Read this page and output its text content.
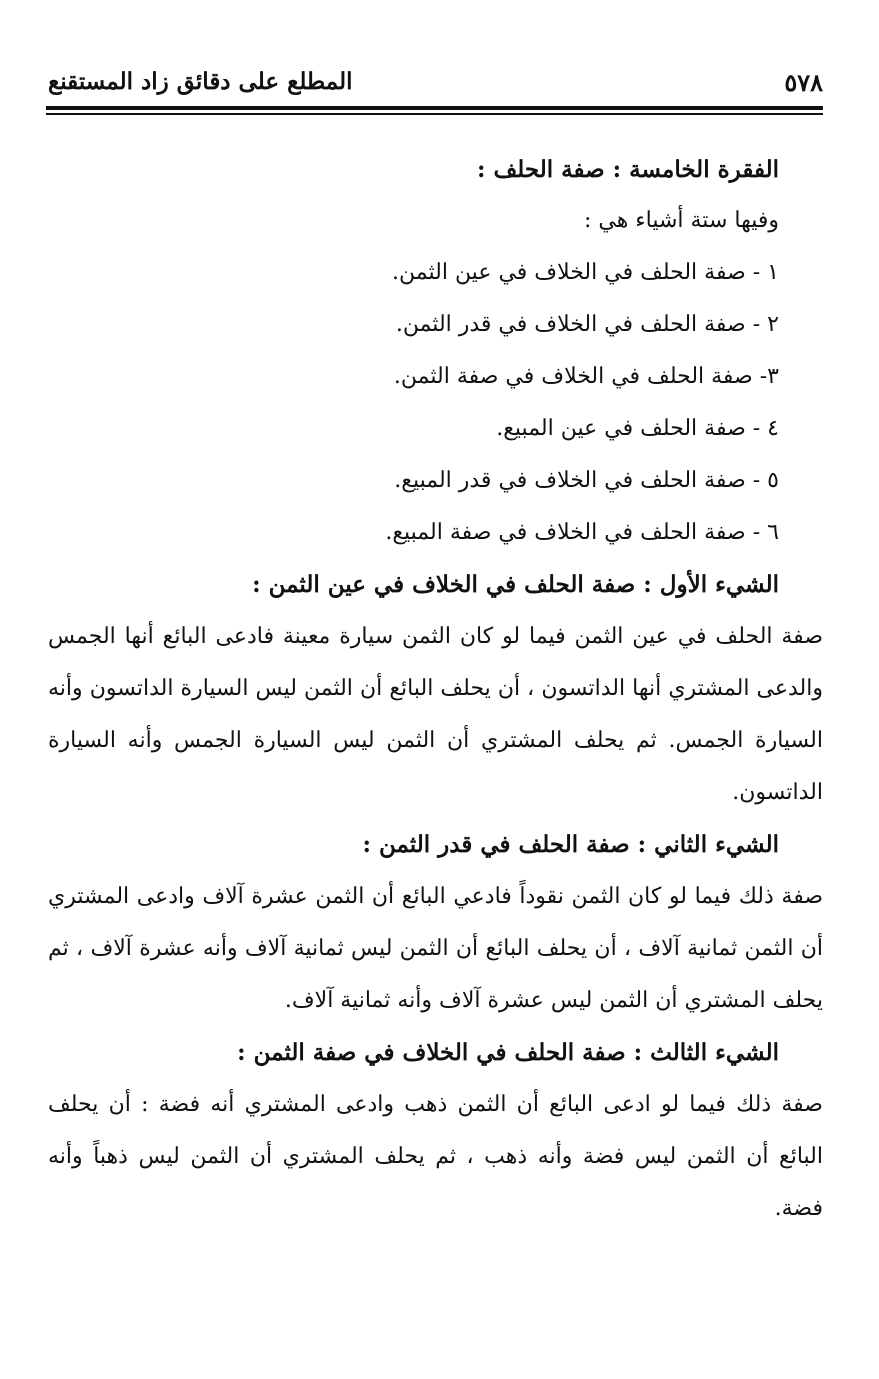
٥٧٨
المطلع على دقائق زاد المستقنع
الفقرة الخامسة : صفة الحلف :
وفيها ستة أشياء هي :
١ - صفة الحلف في الخلاف في عين الثمن.
٢ - صفة الحلف في الخلاف في قدر الثمن.
٣- صفة الحلف في الخلاف في صفة الثمن.
٤ - صفة الحلف في عين المبيع.
٥ - صفة الحلف في الخلاف في قدر المبيع.
٦ - صفة الحلف في الخلاف في صفة المبيع.
الشيء الأول : صفة الحلف في الخلاف في عين الثمن :
صفة الحلف في عين الثمن فيما لو كان الثمن سيارة معينة فادعى البائع أنها الجمس والدعى المشتري أنها الداتسون ، أن يحلف البائع أن الثمن ليس السيارة الداتسون وأنه السيارة الجمس. ثم يحلف المشتري أن الثمن ليس السيارة الجمس وأنه السيارة الداتسون.
الشيء الثاني : صفة الحلف في قدر الثمن :
صفة ذلك فيما لو كان الثمن نقوداً فادعي البائع أن الثمن عشرة آلاف وادعى المشتري أن الثمن ثمانية آلاف ، أن يحلف البائع أن الثمن ليس ثمانية آلاف وأنه عشرة آلاف ، ثم يحلف المشتري أن الثمن ليس عشرة آلاف وأنه ثمانية آلاف.
الشيء الثالث : صفة الحلف في الخلاف في صفة الثمن :
صفة ذلك فيما لو ادعى البائع أن الثمن ذهب وادعى المشتري أنه فضة : أن يحلف البائع أن الثمن ليس فضة وأنه ذهب ، ثم يحلف المشتري أن الثمن ليس ذهباً وأنه فضة.
